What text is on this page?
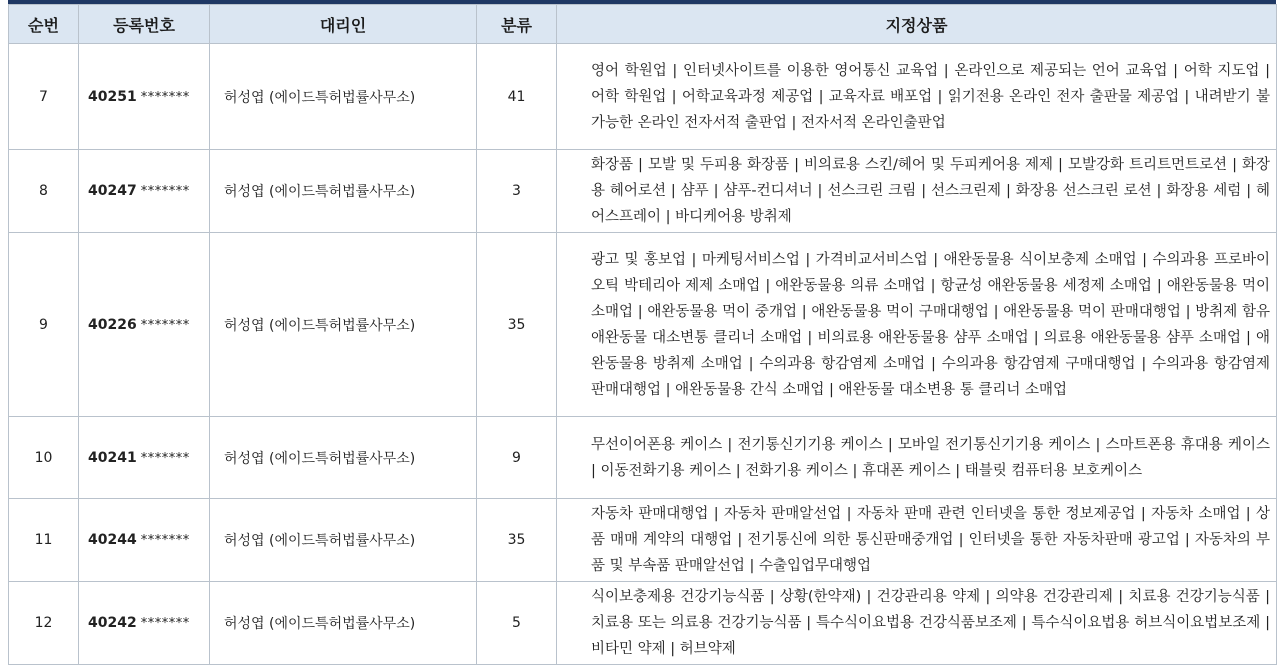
순번	등록번호	대리인	분류	지정상품
7	40251 *******	허성엽 (에이드특허법률사무소)	41	영어 학원업 | 인터넷사이트를 이용한 영어통신 교육업 | 온라인으로 제공되는 언어 교육업 | 어학 지도업 | 어학 학원업 | 어학교육과정 제공업 | 교육자료 배포업 | 읽기전용 온라인 전자 출판물 제공업 | 내려받기 불가능한 온라인 전자서적 출판업 | 전자서적 온라인출판업
8	40247 *******	허성엽 (에이드특허법률사무소)	3	화장품 | 모발 및 두피용 화장품 | 비의료용 스킨/헤어 및 두피케어용 제제 | 모발강화 트리트먼트로션 | 화장용 헤어로션 | 샴푸 | 샴푸-컨디셔너 | 선스크린 크림 | 선스크린제 | 화장용 선스크린 로션 | 화장용 세럼 | 헤어스프레이 | 바디케어용 방취제
9	40226 *******	허성엽 (에이드특허법률사무소)	35	광고 및 홍보업 | 마케팅서비스업 | 가격비교서비스업 | 애완동물용 식이보충제 소매업 | 수의과용 프로바이오틱 박테리아 제제 소매업 | 애완동물용 의류 소매업 | 항균성 애완동물용 세정제 소매업 | 애완동물용 먹이 소매업 | 애완동물용 먹이 중개업 | 애완동물용 먹이 구매대행업 | 애완동물용 먹이 판매대행업 | 방취제 함유 애완동물 대소변통 클리너 소매업 | 비의료용 애완동물용 샴푸 소매업 | 의료용 애완동물용 샴푸 소매업 | 애완동물용 방취제 소매업 | 수의과용 항감염제 소매업 | 수의과용 항감염제 구매대행업 | 수의과용 항감염제 판매대행업 | 애완동물용 간식 소매업 | 애완동물 대소변용 통 클리너 소매업
10	40241 *******	허성엽 (에이드특허법률사무소)	9	무선이어폰용 케이스 | 전기통신기기용 케이스 | 모바일 전기통신기기용 케이스 | 스마트폰용 휴대용 케이스 | 이동전화기용 케이스 | 전화기용 케이스 | 휴대폰 케이스 | 태블릿 컴퓨터용 보호케이스
11	40244 *******	허성엽 (에이드특허법률사무소)	35	자동차 판매대행업 | 자동차 판매알선업 | 자동차 판매 관련 인터넷을 통한 정보제공업 | 자동차 소매업 | 상품 매매 계약의 대행업 | 전기통신에 의한 통신판매중개업 | 인터넷을 통한 자동차판매 광고업 | 자동차의 부품 및 부속품 판매알선업 | 수출입업무대행업
12	40242 *******	허성엽 (에이드특허법률사무소)	5	식이보충제용 건강기능식품 | 상황(한약재) | 건강관리용 약제 | 의약용 건강관리제 | 치료용 건강기능식품 | 치료용 또는 의료용 건강기능식품 | 특수식이요법용 건강식품보조제 | 특수식이요법용 허브식이요법보조제 | 비타민 약제 | 허브약제
